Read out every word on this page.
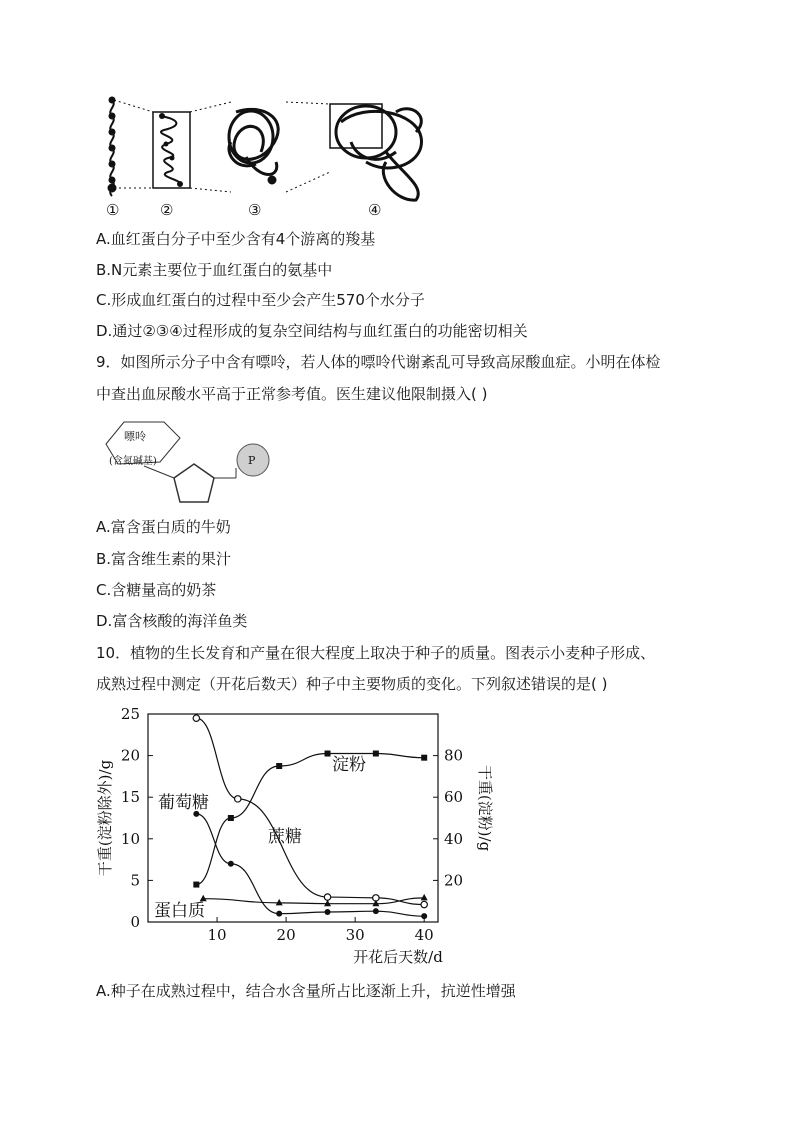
①	②	③	④
A.血红蛋白分子中至少含有4个游离的羧基
B.N元素主要位于血红蛋白的氨基中
C.形成血红蛋白的过程中至少会产生570个水分子
D.通过②③④过程形成的复杂空间结构与血红蛋白的功能密切相关
9．如图所示分子中含有嘌呤，若人体的嘌呤代谢紊乱可导致高尿酸血症。小明在体检
中查出血尿酸水平高于正常参考值。医生建议他限制摄入( )
嘌呤
(含氮碱基)	P
A.富含蛋白质的牛奶
B.富含维生素的果汁
C.含糖量高的奶茶
D.富含核酸的海洋鱼类
10．植物的生长发育和产量在很大程度上取决于种子的质量。图表示小麦种子形成、
成熟过程中测定（开花后数天）种子中主要物质的变化。下列叙述错误的是( )
0
5
10
15
20
25
20
40
60
80
10	20	30	40
开花后天数/d
干重(淀粉除外)/g	干重(淀粉)/g
淀粉
蔗糖
葡萄糖
蛋白质
A.种子在成熟过程中，结合水含量所占比逐渐上升，抗逆性增强
